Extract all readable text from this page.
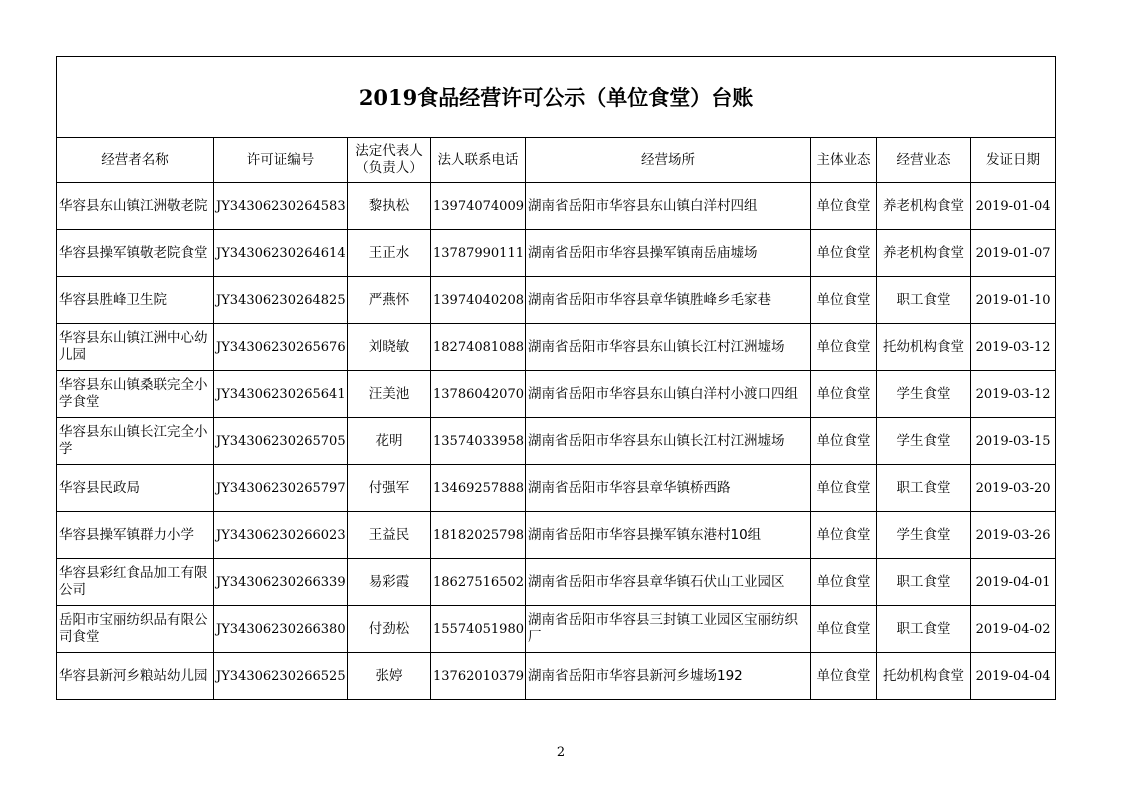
2019食品经营许可公示（单位食堂）台账							
经营者名称	许可证编号	法定代表人（负责人）	法人联系电话	经营场所	主体业态	经营业态	发证日期
华容县东山镇江洲敬老院	JY34306230264583	黎执松	13974074009	湖南省岳阳市华容县东山镇白洋村四组	单位食堂	养老机构食堂	2019-01-04
华容县操军镇敬老院食堂	JY34306230264614	王正水	13787990111	湖南省岳阳市华容县操军镇南岳庙墟场	单位食堂	养老机构食堂	2019-01-07
华容县胜峰卫生院	JY34306230264825	严燕怀	13974040208	湖南省岳阳市华容县章华镇胜峰乡毛家巷	单位食堂	职工食堂	2019-01-10
华容县东山镇江洲中心幼儿园	JY34306230265676	刘晓敏	18274081088	湖南省岳阳市华容县东山镇长江村江洲墟场	单位食堂	托幼机构食堂	2019-03-12
华容县东山镇桑联完全小学食堂	JY34306230265641	汪美池	13786042070	湖南省岳阳市华容县东山镇白洋村小渡口四组	单位食堂	学生食堂	2019-03-12
华容县东山镇长江完全小学	JY34306230265705	花明	13574033958	湖南省岳阳市华容县东山镇长江村江洲墟场	单位食堂	学生食堂	2019-03-15
华容县民政局	JY34306230265797	付强军	13469257888	湖南省岳阳市华容县章华镇桥西路	单位食堂	职工食堂	2019-03-20
华容县操军镇群力小学	JY34306230266023	王益民	18182025798	湖南省岳阳市华容县操军镇东港村10组	单位食堂	学生食堂	2019-03-26
华容县彩红食品加工有限公司	JY34306230266339	易彩霞	18627516502	湖南省岳阳市华容县章华镇石伏山工业园区	单位食堂	职工食堂	2019-04-01
岳阳市宝丽纺织品有限公司食堂	JY34306230266380	付劲松	15574051980	湖南省岳阳市华容县三封镇工业园区宝丽纺织厂	单位食堂	职工食堂	2019-04-02
华容县新河乡粮站幼儿园	JY34306230266525	张婷	13762010379	湖南省岳阳市华容县新河乡墟场192	单位食堂	托幼机构食堂	2019-04-04
2
